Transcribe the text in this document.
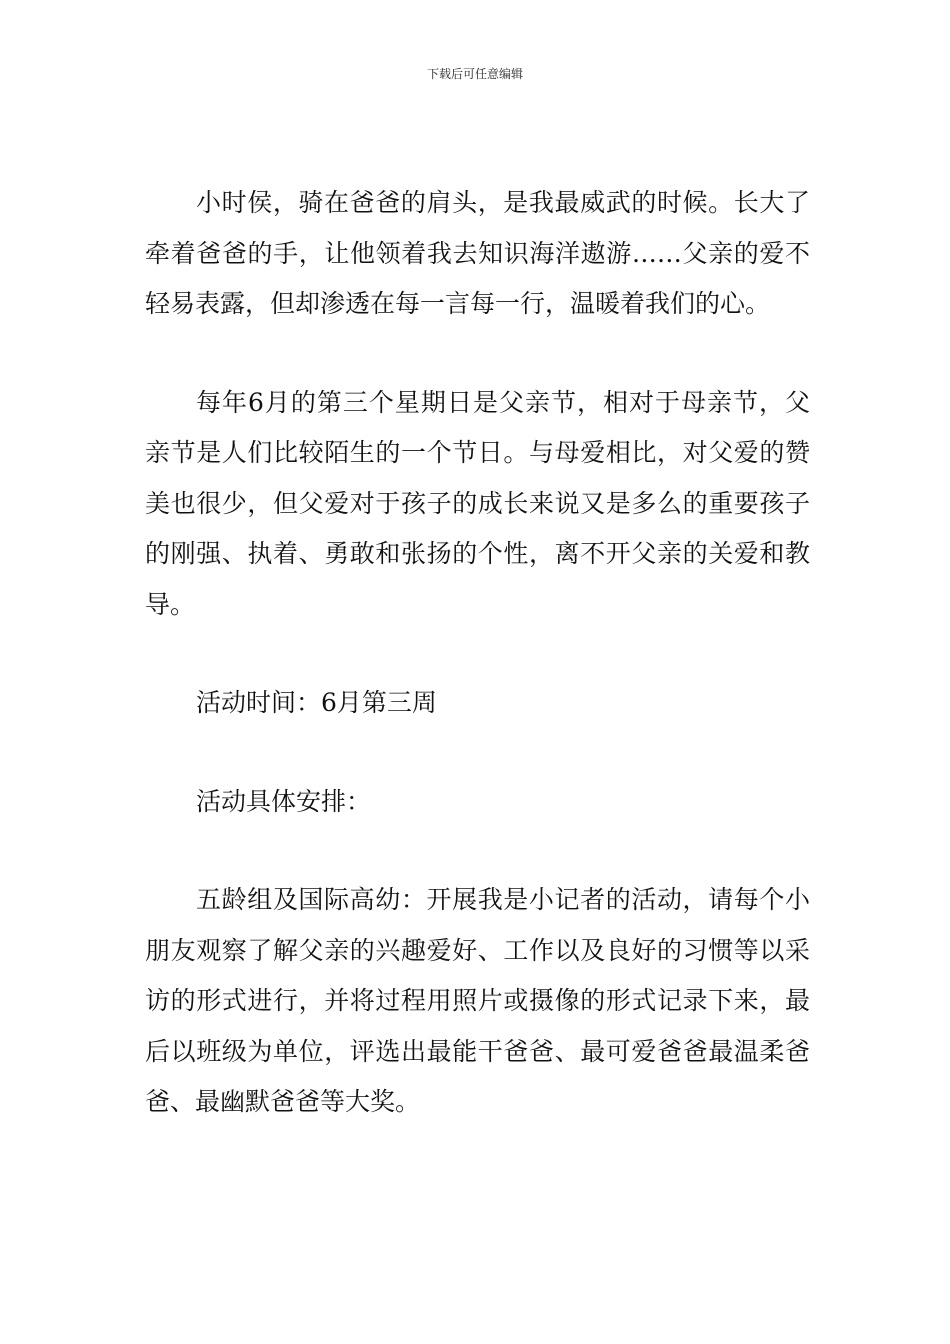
下载后可任意编辑

小时侯，骑在爸爸的肩头，是我最威武的时候。长大了牵着爸爸的手，让他领着我去知识海洋遨游……父亲的爱不轻易表露，但却渗透在每一言每一行，温暖着我们的心。

每年6月的第三个星期日是父亲节，相对于母亲节，父亲节是人们比较陌生的一个节日。与母爱相比，对父爱的赞美也很少，但父爱对于孩子的成长来说又是多么的重要孩子的刚强、执着、勇敢和张扬的个性，离不开父亲的关爱和教导。

活动时间：6月第三周

活动具体安排：

五龄组及国际高幼：开展我是小记者的活动，请每个小朋友观察了解父亲的兴趣爱好、工作以及良好的习惯等以采访的形式进行，并将过程用照片或摄像的形式记录下来，最后以班级为单位，评选出最能干爸爸、最可爱爸爸最温柔爸爸、最幽默爸爸等大奖。
